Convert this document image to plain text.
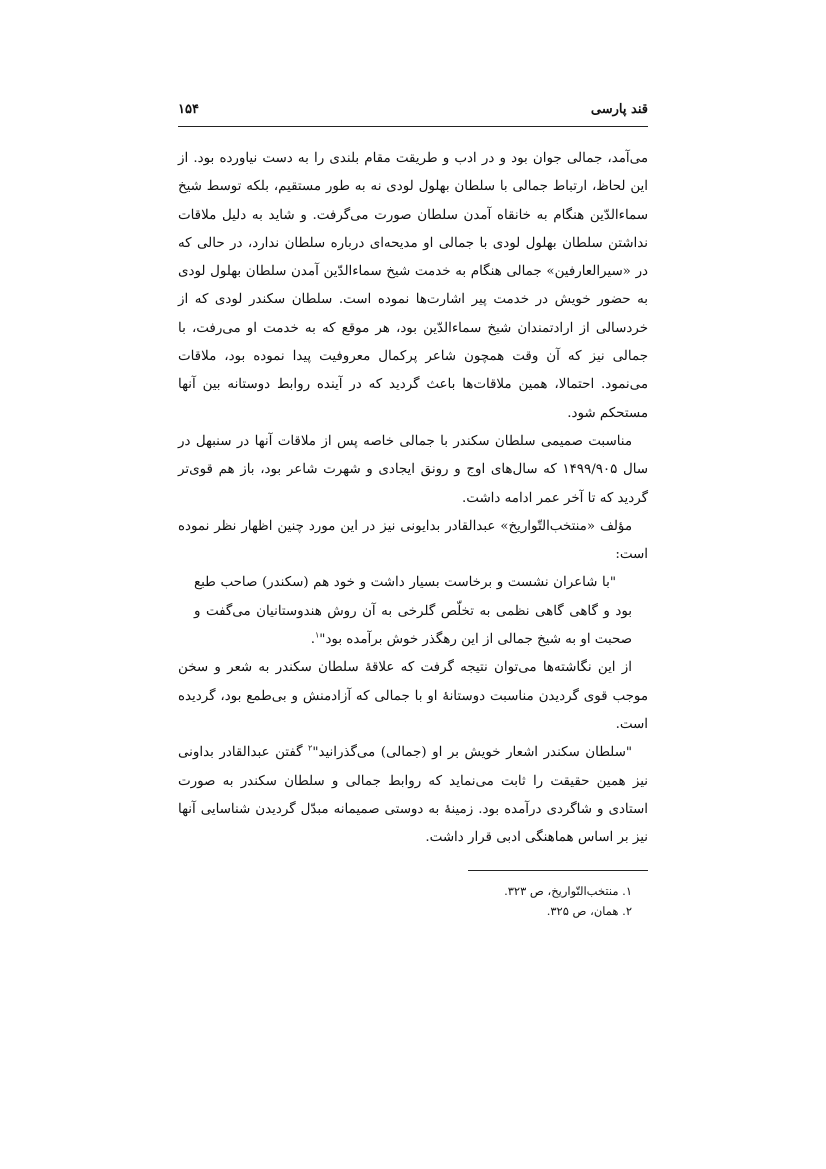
قند پارسی
۱۵۴

می‌آمد، جمالی جوان بود و در ادب و طریقت مقام بلندی را به دست نیاورده بود. از این لحاظ، ارتباط جمالی با سلطان بهلول لودی نه به طور مستقیم، بلکه توسط شیخ سماءالدّین هنگام به خانقاه آمدن سلطان صورت می‌گرفت. و شاید به دلیل ملاقات نداشتن سلطان بهلول لودی با جمالی او مدیحه‌ای درباره سلطان ندارد، در حالی که در «سیرالعارفین» جمالی هنگام به خدمت شیخ سماءالدّین آمدن سلطان بهلول لودی به حضور خویش در خدمت پیر اشارت‌ها نموده است. سلطان سکندر لودی که از خردسالی از ارادتمندان شیخ سماءالدّین بود، هر موقع که به خدمت او می‌رفت، با جمالی نیز که آن وقت همچون شاعر پرکمال معروفیت پیدا نموده بود، ملاقات می‌نمود. احتمالا، همین ملاقات‌ها باعث گردید که در آینده روابط دوستانه بین آنها مستحکم شود.

مناسبت صمیمی سلطان سکندر با جمالی خاصه پس از ملاقات آنها در سنبهل در سال ۱۴۹۹/۹۰۵ که سال‌های اوج و رونق ایجادی و شهرت شاعر بود، باز هم قوی‌تر گردید که تا آخر عمر ادامه داشت.

مؤلف «منتخب‌التّواریخ» عبدالقادر بدایونی نیز در این مورد چنین اظهار نظر نموده است:

"با شاعران نشست و برخاست بسیار داشت و خود هم (سکندر) صاحب طبع بود و گاهی گاهی نظمی به تخلّص گلرخی به آن روش هندوستانیان می‌گفت و صحبت او به شیخ جمالی از این رهگذر خوش برآمده بود"$^۱$.

از این نگاشته‌ها می‌توان نتیجه گرفت که علاقهٔ سلطان سکندر به شعر و سخن موجب قوی گردیدن مناسبت دوستانهٔ او با جمالی که آزادمنش و بی‌طمع بود، گردیده است.

"سلطان سکندر اشعار خویش بر او (جمالی) می‌گذرانید"$^۲$ گفتن عبدالقادر بداونی نیز همین حقیقت را ثابت می‌نماید که روابط جمالی و سلطان سکندر به صورت استادی و شاگردی درآمده بود. زمینهٔ به دوستی صمیمانه مبدّل گردیدن شناسایی آنها نیز بر اساس هماهنگی ادبی قرار داشت.

۱. منتخب‌التّواریخ، ص ۳۲۳.
۲. همان، ص ۳۲۵.
